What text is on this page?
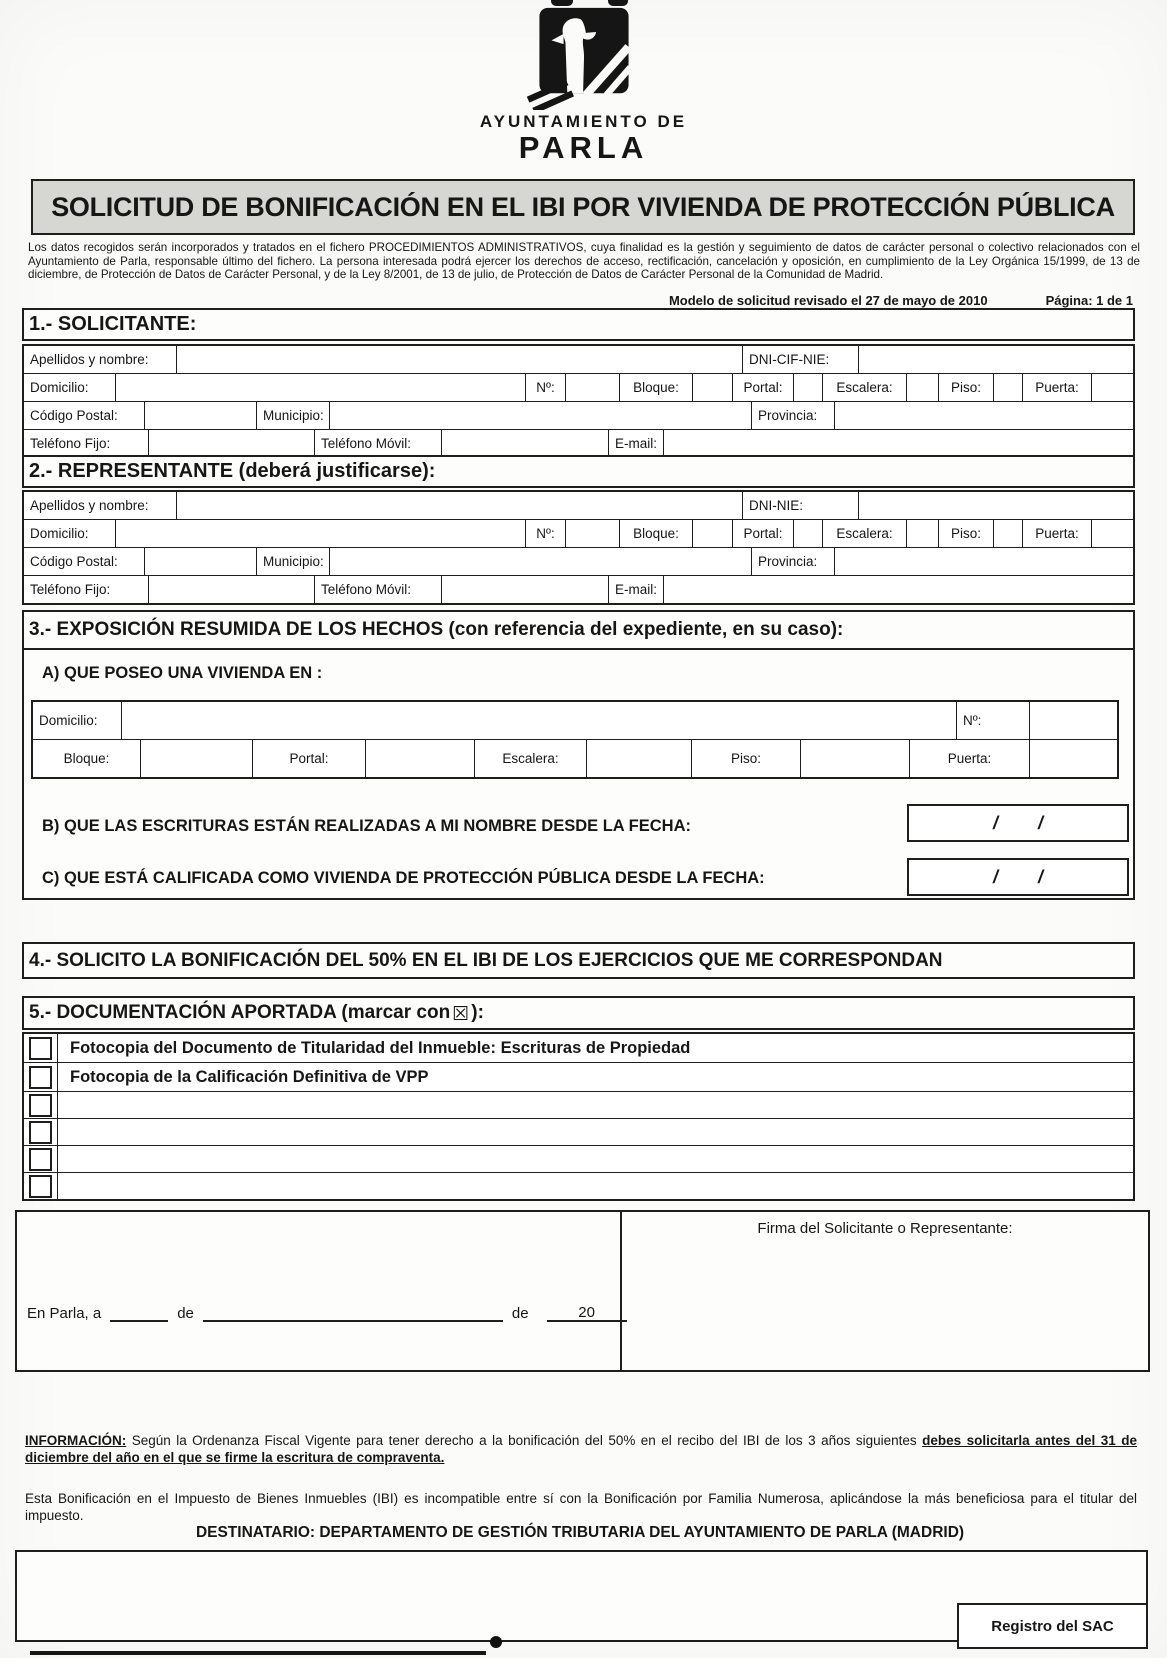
AYUNTAMIENTO DE
PARLA
SOLICITUD DE BONIFICACIÓN EN EL IBI POR VIVIENDA DE PROTECCIÓN PÚBLICA
Los datos recogidos serán incorporados y tratados en el fichero PROCEDIMIENTOS ADMINISTRATIVOS, cuya finalidad es la gestión y seguimiento de datos de carácter personal o colectivo relacionados con el Ayuntamiento de Parla, responsable último del fichero. La persona interesada podrá ejercer los derechos de acceso, rectificación, cancelación y oposición, en cumplimiento de la Ley Orgánica 15/1999, de 13 de diciembre, de Protección de Datos de Carácter Personal, y de la Ley 8/2001, de 13 de julio, de Protección de Datos de Carácter Personal de la Comunidad de Madrid.
Modelo de solicitud revisado el 27 de mayo de 2010	Página: 1 de 1
1.- SOLICITANTE:
Apellidos y nombre:	DNI-CIF-NIE:
Domicilio:	Nº:	Bloque:	Portal:	Escalera:	Piso:	Puerta:
Código Postal:	Municipio:	Provincia:
Teléfono Fijo:	Teléfono Móvil:	E-mail:
2.- REPRESENTANTE (deberá justificarse):
Apellidos y nombre:	DNI-NIE:
Domicilio:	Nº:	Bloque:	Portal:	Escalera:	Piso:	Puerta:
Código Postal:	Municipio:	Provincia:
Teléfono Fijo:	Teléfono Móvil:	E-mail:
3.- EXPOSICIÓN RESUMIDA DE LOS HECHOS (con referencia del expediente, en su caso):
A) QUE POSEO UNA VIVIENDA EN :
Domicilio:	Nº:
Bloque:	Portal:	Escalera:	Piso:	Puerta:
B) QUE LAS ESCRITURAS ESTÁN REALIZADAS A MI NOMBRE DESDE LA FECHA:	/        /
C) QUE ESTÁ CALIFICADA COMO VIVIENDA DE PROTECCIÓN PÚBLICA DESDE LA FECHA:	/        /
4.- SOLICITO LA BONIFICACIÓN DEL 50% EN EL IBI DE LOS EJERCICIOS QUE ME CORRESPONDAN
5.- DOCUMENTACIÓN APORTADA (marcar con ☒ ):
Fotocopia del Documento de Titularidad del Inmueble: Escrituras de Propiedad
Fotocopia de la Calificación Definitiva de VPP
En Parla, a	de	de	20
Firma del Solicitante o Representante:
INFORMACIÓN: Según la Ordenanza Fiscal Vigente para tener derecho a la bonificación del 50% en el recibo del IBI de los 3 años siguientes debes solicitarla antes del 31 de diciembre del año en el que se firme la escritura de compraventa.
Esta Bonificación en el Impuesto de Bienes Inmuebles (IBI) es incompatible entre sí con la Bonificación por Familia Numerosa, aplicándose la más beneficiosa para el titular del impuesto.
DESTINATARIO: DEPARTAMENTO DE GESTIÓN TRIBUTARIA DEL AYUNTAMIENTO DE PARLA (MADRID)
Registro del SAC
